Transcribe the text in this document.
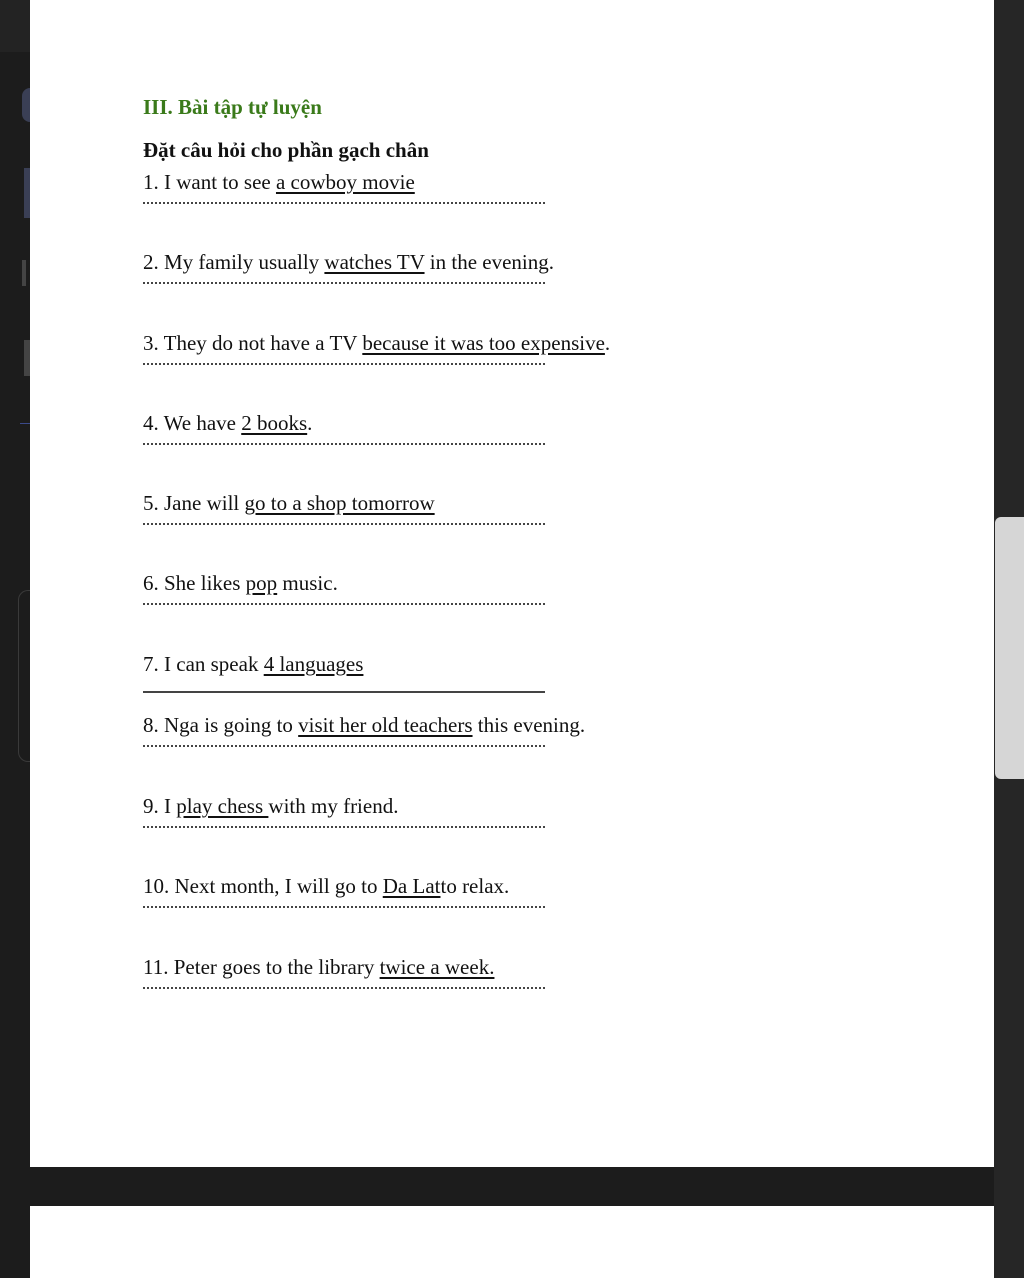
III. Bài tập tự luyện
Đặt câu hỏi cho phần gạch chân
1. I want to see a cowboy movie
2. My family usually watches TV in the evening.
3. They do not have a TV because it was too expensive.
4. We have 2 books.
5. Jane will go to a shop tomorrow
6. She likes pop music.
7. I can speak 4 languages
8. Nga is going to visit her old teachers this evening.
9. I play chess with my friend.
10. Next month, I will go to Da Latto relax.
11. Peter goes to the library twice a week.
